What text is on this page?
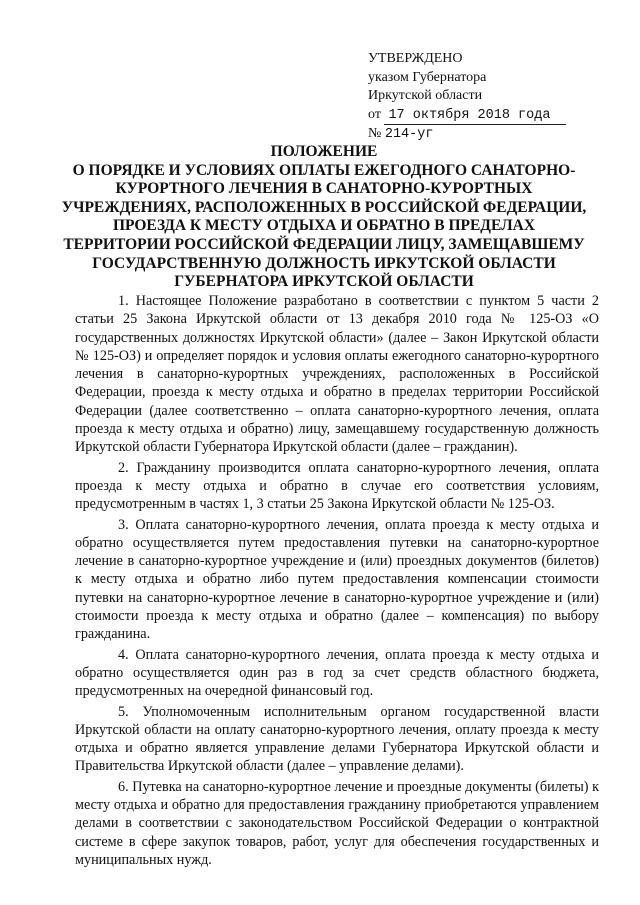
УТВЕРЖДЕНО
указом Губернатора
Иркутской области
от 17 октября 2018 года
№ 214-уг
ПОЛОЖЕНИЕ
О ПОРЯДКЕ И УСЛОВИЯХ ОПЛАТЫ ЕЖЕГОДНОГО САНАТОРНО-
КУРОРТНОГО ЛЕЧЕНИЯ В САНАТОРНО-КУРОРТНЫХ
УЧРЕЖДЕНИЯХ, РАСПОЛОЖЕННЫХ В РОССИЙСКОЙ ФЕДЕРАЦИИ,
ПРОЕЗДА К МЕСТУ ОТДЫХА И ОБРАТНО В ПРЕДЕЛАХ
ТЕРРИТОРИИ РОССИЙСКОЙ ФЕДЕРАЦИИ ЛИЦУ, ЗАМЕЩАВШЕМУ
ГОСУДАРСТВЕННУЮ ДОЛЖНОСТЬ ИРКУТСКОЙ ОБЛАСТИ
ГУБЕРНАТОРА ИРКУТСКОЙ ОБЛАСТИ

1. Настоящее Положение разработано в соответствии с пунктом 5 части 2 статьи 25 Закона Иркутской области от 13 декабря 2010 года № 125-ОЗ «О государственных должностях Иркутской области» (далее – Закон Иркутской области № 125-ОЗ) и определяет порядок и условия оплаты ежегодного санаторно-курортного лечения в санаторно-курортных учреждениях, расположенных в Российской Федерации, проезда к месту отдыха и обратно в пределах территории Российской Федерации (далее соответственно – оплата санаторно-курортного лечения, оплата проезда к месту отдыха и обратно) лицу, замещавшему государственную должность Иркутской области Губернатора Иркутской области (далее – гражданин).

2. Гражданину производится оплата санаторно-курортного лечения, оплата проезда к месту отдыха и обратно в случае его соответствия условиям, предусмотренным в частях 1, 3 статьи 25 Закона Иркутской области № 125-ОЗ.

3. Оплата санаторно-курортного лечения, оплата проезда к месту отдыха и обратно осуществляется путем предоставления путевки на санаторно-курортное лечение в санаторно-курортное учреждение и (или) проездных документов (билетов) к месту отдыха и обратно либо путем предоставления компенсации стоимости путевки на санаторно-курортное лечение в санаторно-курортное учреждение и (или) стоимости проезда к месту отдыха и обратно (далее – компенсация) по выбору гражданина.

4. Оплата санаторно-курортного лечения, оплата проезда к месту отдыха и обратно осуществляется один раз в год за счет средств областного бюджета, предусмотренных на очередной финансовый год.

5. Уполномоченным исполнительным органом государственной власти Иркутской области на оплату санаторно-курортного лечения, оплату проезда к месту отдыха и обратно является управление делами Губернатора Иркутской области и Правительства Иркутской области (далее – управление делами).

6. Путевка на санаторно-курортное лечение и проездные документы (билеты) к месту отдыха и обратно для предоставления гражданину приобретаются управлением делами в соответствии с законодательством Российской Федерации о контрактной системе в сфере закупок товаров, работ, услуг для обеспечения государственных и муниципальных нужд.
